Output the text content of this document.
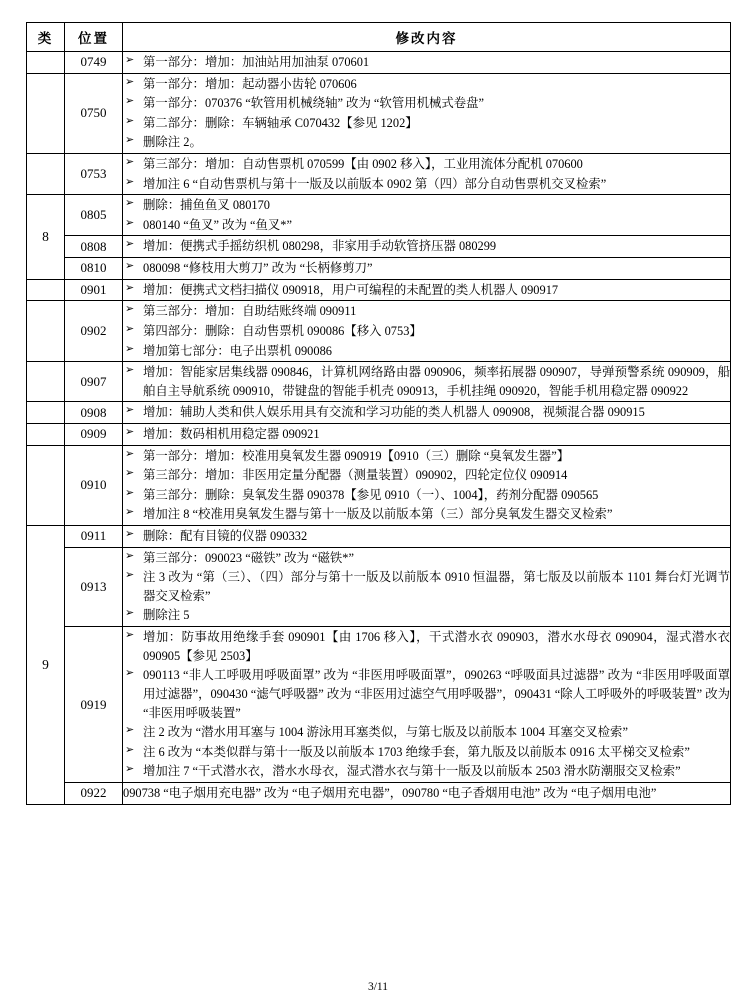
类	位置	修改内容
	0749	
➢第一部分：增加：加油站用加油泵 070601

	0750	
➢ 第一部分：增加：起动器小齿轮 070606
➢ 第一部分：070376 “软管用机械绕轴” 改为 “软管用机械式卷盘”
➢ 第二部分：删除：车辆轴承 C070432【参见 1202】
➢ 删除注 2。

	0753	
➢ 第三部分：增加：自动售票机 070599【由 0902 移入】，工业用流体分配机 070600
➢ 增加注 6 “自动售票机与第十一版及以前版本 0902 第（四）部分自动售票机交叉检索”

8	0805	
➢ 删除：捕鱼鱼叉 080170
➢ 080140 “鱼叉” 改为 “鱼叉*”

0808	
➢增加：便携式手摇纺织机 080298，非家用手动软管挤压器 080299

0810	
➢080098 “修枝用大剪刀” 改为 “长柄修剪刀”

	0901	
➢增加：便携式文档扫描仪 090918，用户可编程的未配置的类人机器人 090917

	0902	
➢ 第三部分：增加：自助结账终端 090911
➢ 第四部分：删除：自动售票机 090086【移入 0753】
➢ 增加第七部分：电子出票机 090086

	0907	
➢ 增加：智能家居集线器 090846，计算机网络路由器 090906，频率拓展器 090907，导弹预警系统 090909，船舶自主导航系统 090910，带键盘的智能手机壳 090913，手机挂绳 090920，智能手机用稳定器 090922

	0908	
➢增加：辅助人类和供人娱乐用具有交流和学习功能的类人机器人 090908，视频混合器 090915

	0909	
➢增加：数码相机用稳定器 090921

	0910	
➢ 第一部分：增加：校准用臭氧发生器 090919【0910（三）删除 “臭氧发生器”】
➢ 第三部分：增加：非医用定量分配器（测量装置）090902，四轮定位仪 090914
➢ 第三部分：删除：臭氧发生器 090378【参见 0910（一）、1004】，药剂分配器 090565
➢ 增加注 8 “校准用臭氧发生器与第十一版及以前版本第（三）部分臭氧发生器交叉检索”

9	0911	
➢删除：配有目镜的仪器 090332

0913	
➢ 第三部分：090023 “磁铁” 改为 “磁铁*”
➢ 注 3 改为 “第（三）、（四）部分与第十一版及以前版本 0910 恒温器，第七版及以前版本 1101 舞台灯光调节器交叉检索”
➢ 删除注 5

0919	
➢ 增加：防事故用绝缘手套 090901【由 1706 移入】，干式潜水衣 090903，潜水水母衣 090904，湿式潜水衣 090905【参见 2503】
➢ 090113 “非人工呼吸用呼吸面罩” 改为 “非医用呼吸面罩”，090263 “呼吸面具过滤器” 改为 “非医用呼吸面罩用过滤器”，090430 “滤气呼吸器” 改为 “非医用过滤空气用呼吸器”，090431 “除人工呼吸外的呼吸装置” 改为 “非医用呼吸装置”
➢ 注 2 改为 “潜水用耳塞与 1004 游泳用耳塞类似，与第七版及以前版本 1004 耳塞交叉检索”
➢ 注 6 改为 “本类似群与第十一版及以前版本 1703 绝缘手套，第九版及以前版本 0916 太平梯交叉检索”
➢ 增加注 7 “干式潜水衣，潜水水母衣，湿式潜水衣与第十一版及以前版本 2503 滑水防潮服交叉检索”

	0922	090738 “电子烟用充电器” 改为 “电子烟用充电器”，090780 “电子香烟用电池” 改为 “电子烟用电池”
3/11
